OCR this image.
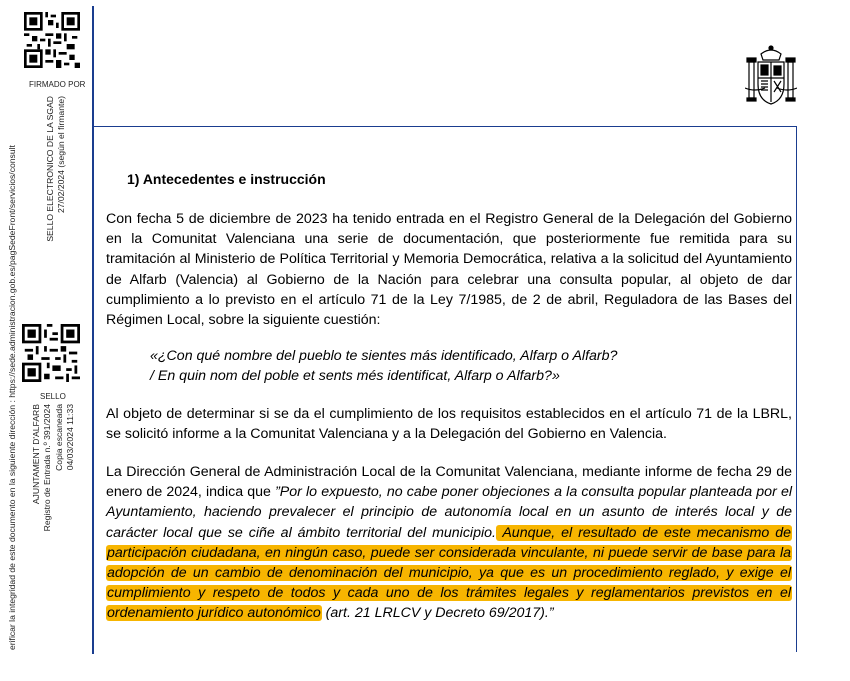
FIRMADO POR
SELLO
erificar la integridad de este documento en la siguiente dirección : https://sede.administracion.gob.es/pagSedeFront/servicios/consult	SELLO ELECTRONICO DE LA SGAD 27/02/2024 (según el firmante)
AJUNTAMENT D'ALFARB Registro de Entrada n.º 391/2024 Copia escaneada 04/03/2024 11:33
1) Antecedentes e instrucción
Con fecha 5 de diciembre de 2023 ha tenido entrada en el Registro General de la Delegación del Gobierno en la Comunitat Valenciana una serie de documentación, que posteriormente fue remitida para su tramitación al Ministerio de Política Territorial y Memoria Democrática, relativa a la solicitud del Ayuntamiento de Alfarb (Valencia) al Gobierno de la Nación para celebrar una consulta popular, al objeto de dar cumplimiento a lo previsto en el artículo 71 de la Ley 7/1985, de 2 de abril, Reguladora de las Bases del Régimen Local, sobre la siguiente cuestión:
«¿Con qué nombre del pueblo te sientes más identificado, Alfarp o Alfarb?
/ En quin nom del poble et sents més identificat, Alfarp o Alfarb?»
Al objeto de determinar si se da el cumplimiento de los requisitos establecidos en el artículo 71 de la LBRL, se solicitó informe a la Comunitat Valenciana y a la Delegación del Gobierno en Valencia.
La Dirección General de Administración Local de la Comunitat Valenciana, mediante informe de fecha 29 de enero de 2024, indica que ”Por lo expuesto, no cabe poner objeciones a la consulta popular planteada por el Ayuntamiento, haciendo prevalecer el principio de autonomía local en un asunto de interés local y de carácter local que se ciñe al ámbito territorial del municipio. Aunque, el resultado de este mecanismo de participación ciudadana, en ningún caso, puede ser considerada vinculante, ni puede servir de base para la adopción de un cambio de denominación del municipio, ya que es un procedimiento reglado, y exige el cumplimiento y respeto de todos y cada uno de los trámites legales y reglamentarios previstos en el ordenamiento jurídico autonómico (art. 21 LRLCV y Decreto 69/2017).”
